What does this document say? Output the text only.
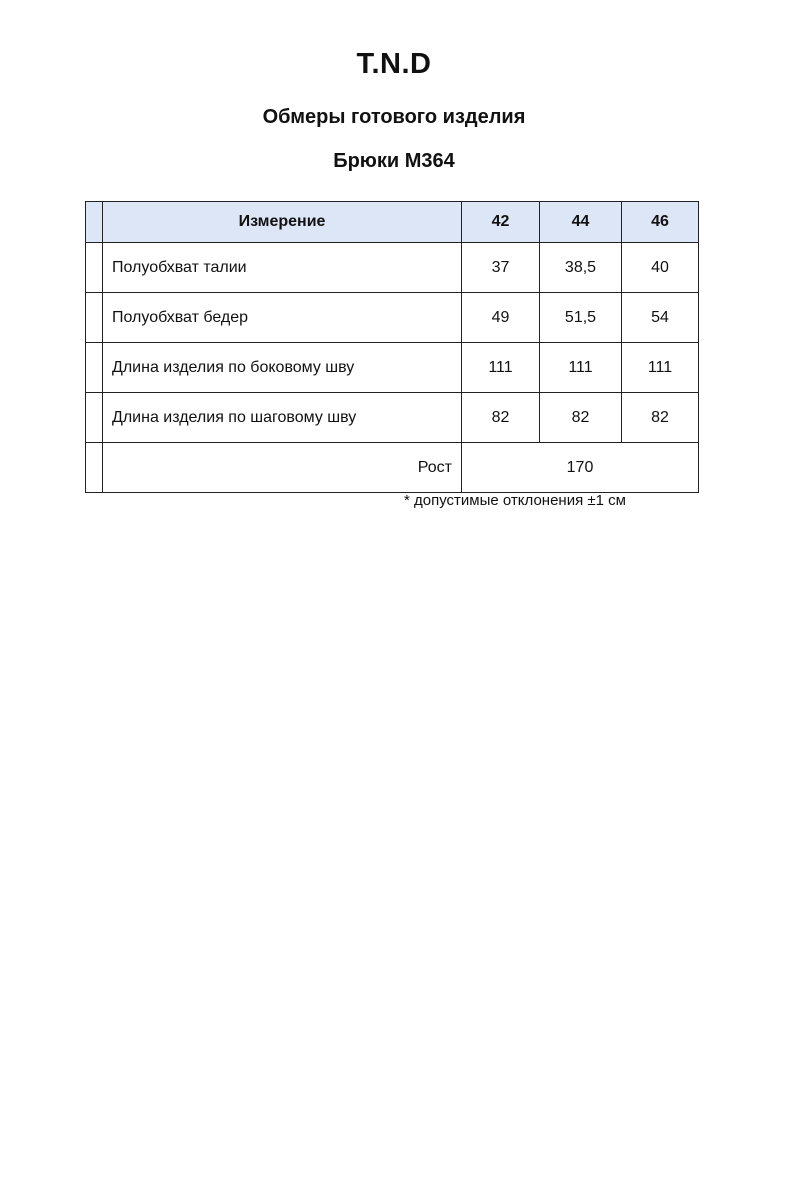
T.N.D
Обмеры готового изделия
Брюки М364
	Измерение	42	44	46
	Полуобхват талии	37	38,5	40
	Полуобхват бедер	49	51,5	54
	Длина изделия по боковому шву	111	111	111
	Длина изделия по шаговому шву	82	82	82
	Рост	170		
* допустимые отклонения ±1 см
